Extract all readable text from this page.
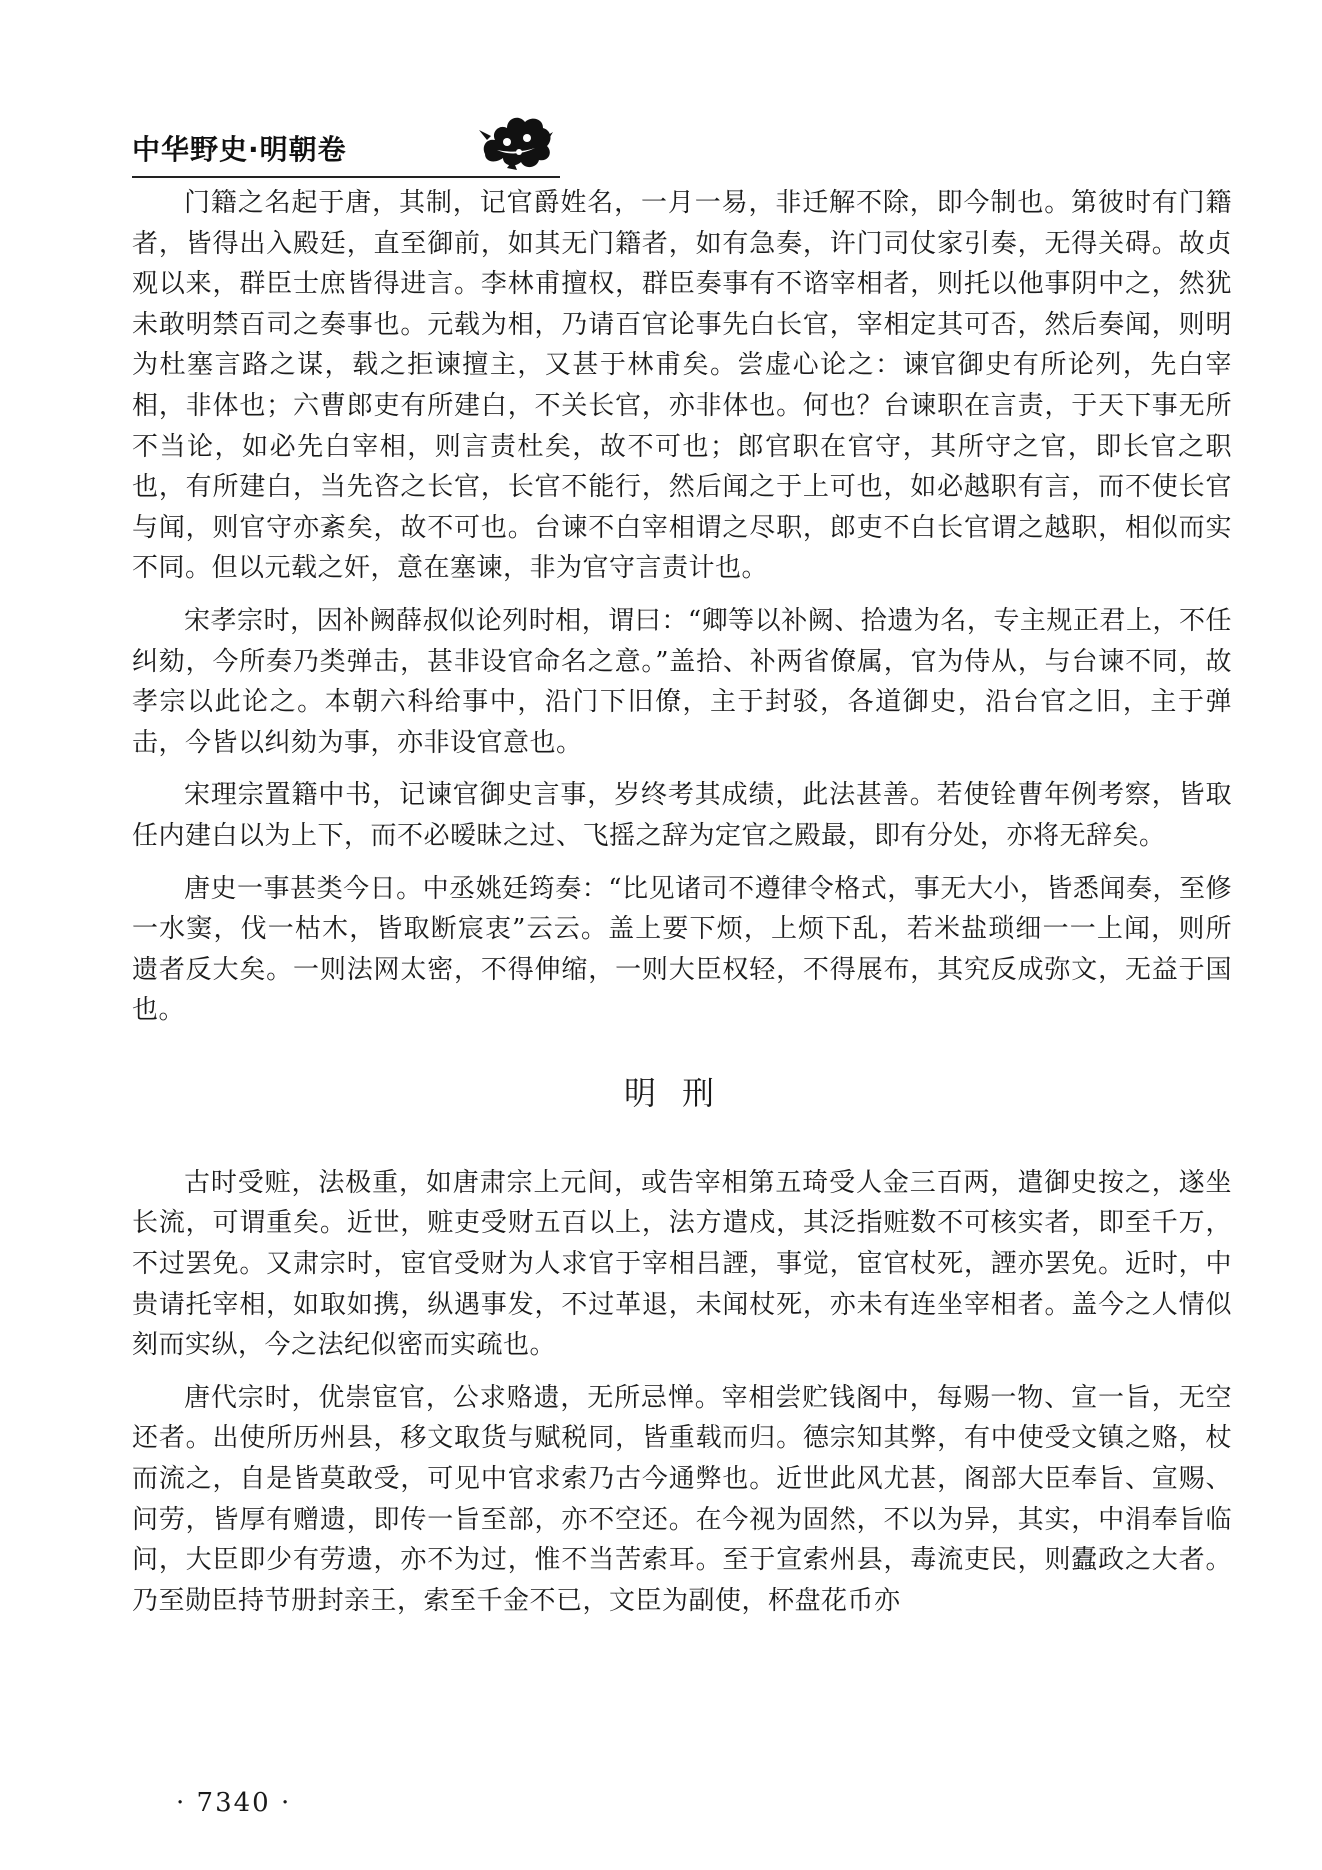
中华野史·明朝卷

门籍之名起于唐，其制，记官爵姓名，一月一易，非迁解不除，即今制也。第彼时有门籍者，皆得出入殿廷，直至御前，如其无门籍者，如有急奏，许门司仗家引奏，无得关碍。故贞观以来，群臣士庶皆得进言。李林甫擅权，群臣奏事有不谘宰相者，则托以他事阴中之，然犹未敢明禁百司之奏事也。元载为相，乃请百官论事先白长官，宰相定其可否，然后奏闻，则明为杜塞言路之谋，载之拒谏擅主，又甚于林甫矣。尝虚心论之：谏官御史有所论列，先白宰相，非体也；六曹郎吏有所建白，不关长官，亦非体也。何也？台谏职在言责，于天下事无所不当论，如必先白宰相，则言责杜矣，故不可也；郎官职在官守，其所守之官，即长官之职也，有所建白，当先咨之长官，长官不能行，然后闻之于上可也，如必越职有言，而不使长官与闻，则官守亦紊矣，故不可也。台谏不白宰相谓之尽职，郎吏不白长官谓之越职，相似而实不同。但以元载之奸，意在塞谏，非为官守言责计也。

宋孝宗时，因补阙薛叔似论列时相，谓曰：“卿等以补阙、拾遗为名，专主规正君上，不任纠劾，今所奏乃类弹击，甚非设官命名之意。”盖拾、补两省僚属，官为侍从，与台谏不同，故孝宗以此论之。本朝六科给事中，沿门下旧僚，主于封驳，各道御史，沿台官之旧，主于弹击，今皆以纠劾为事，亦非设官意也。

宋理宗置籍中书，记谏官御史言事，岁终考其成绩，此法甚善。若使铨曹年例考察，皆取任内建白以为上下，而不必暧昧之过、飞摇之辞为定官之殿最，即有分处，亦将无辞矣。

唐史一事甚类今日。中丞姚廷筠奏：“比见诸司不遵律令格式，事无大小，皆悉闻奏，至修一水窦，伐一枯木，皆取断宸衷”云云。盖上要下烦，上烦下乱，若米盐琐细一一上闻，则所遗者反大矣。一则法网太密，不得伸缩，一则大臣权轻，不得展布，其究反成弥文，无益于国也。

明刑

古时受赃，法极重，如唐肃宗上元间，或告宰相第五琦受人金三百两，遣御史按之，遂坐长流，可谓重矣。近世，赃吏受财五百以上，法方遣戍，其泛指赃数不可核实者，即至千万，不过罢免。又肃宗时，宦官受财为人求官于宰相吕諲，事觉，宦官杖死，諲亦罢免。近时，中贵请托宰相，如取如携，纵遇事发，不过革退，未闻杖死，亦未有连坐宰相者。盖今之人情似刻而实纵，今之法纪似密而实疏也。

唐代宗时，优崇宦官，公求赂遗，无所忌惮。宰相尝贮钱阁中，每赐一物、宣一旨，无空还者。出使所历州县，移文取货与赋税同，皆重载而归。德宗知其弊，有中使受文镇之赂，杖而流之，自是皆莫敢受，可见中官求索乃古今通弊也。近世此风尤甚，阁部大臣奉旨、宣赐、问劳，皆厚有赠遗，即传一旨至部，亦不空还。在今视为固然，不以为异，其实，中涓奉旨临问，大臣即少有劳遗，亦不为过，惟不当苦索耳。至于宣索州县，毒流吏民，则蠹政之大者。乃至勋臣持节册封亲王，索至千金不已，文臣为副使，杯盘花币亦

· 7340 ·
